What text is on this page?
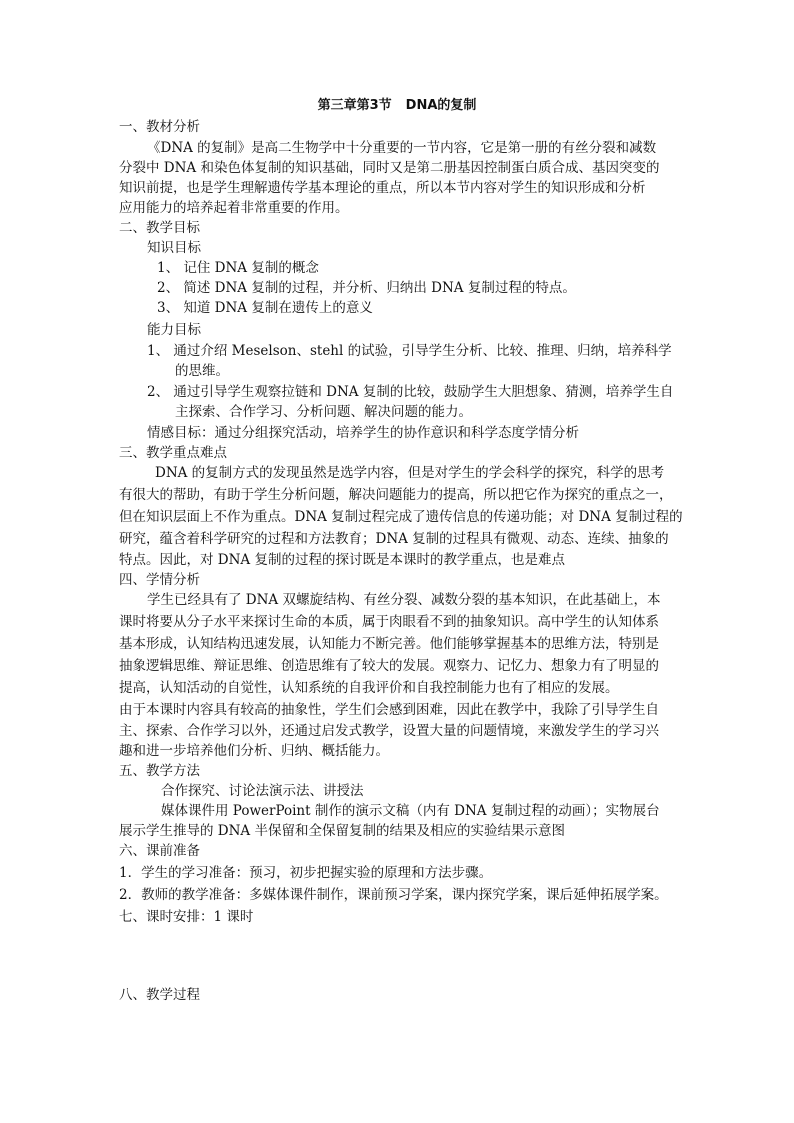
第三章第3节 DNA的复制
一、教材分析
《DNA 的复制》是高二生物学中十分重要的一节内容，它是第一册的有丝分裂和减数
分裂中 DNA 和染色体复制的知识基础，同时又是第二册基因控制蛋白质合成、基因突变的
知识前提，也是学生理解遗传学基本理论的重点，所以本节内容对学生的知识形成和分析
应用能力的培养起着非常重要的作用。
二、教学目标
知识目标
1、 记住 DNA 复制的概念
2、 简述 DNA 复制的过程，并分析、归纳出 DNA 复制过程的特点。
3、 知道 DNA 复制在遗传上的意义
能力目标
1、 通过介绍 Meselson、stehl 的试验，引导学生分析、比较、推理、归纳，培养科学
的思维。
2、 通过引导学生观察拉链和 DNA 复制的比较，鼓励学生大胆想象、猜测，培养学生自
主探索、合作学习、分析问题、解决问题的能力。
情感目标：通过分组探究活动，培养学生的协作意识和科学态度学情分析
三、教学重点难点
DNA 的复制方式的发现虽然是选学内容，但是对学生的学会科学的探究，科学的思考
有很大的帮助，有助于学生分析问题，解决问题能力的提高，所以把它作为探究的重点之一，
但在知识层面上不作为重点。DNA 复制过程完成了遗传信息的传递功能；对 DNA 复制过程的
研究，蕴含着科学研究的过程和方法教育；DNA 复制的过程具有微观、动态、连续、抽象的
特点。因此，对 DNA 复制的过程的探讨既是本课时的教学重点，也是难点
四、学情分析
学生已经具有了 DNA 双螺旋结构、有丝分裂、减数分裂的基本知识，在此基础上，本
课时将要从分子水平来探讨生命的本质，属于肉眼看不到的抽象知识。高中学生的认知体系
基本形成，认知结构迅速发展，认知能力不断完善。他们能够掌握基本的思维方法，特别是
抽象逻辑思维、辩证思维、创造思维有了较大的发展。观察力、记忆力、想象力有了明显的
提高，认知活动的自觉性，认知系统的自我评价和自我控制能力也有了相应的发展。
由于本课时内容具有较高的抽象性，学生们会感到困难，因此在教学中，我除了引导学生自
主、探索、合作学习以外，还通过启发式教学，设置大量的问题情境，来激发学生的学习兴
趣和进一步培养他们分析、归纳、概括能力。
五、教学方法
合作探究、讨论法演示法、讲授法
媒体课件用 PowerPoint 制作的演示文稿（内有 DNA 复制过程的动画）；实物展台
展示学生推导的 DNA 半保留和全保留复制的结果及相应的实验结果示意图
六、课前准备
1．学生的学习准备：预习，初步把握实验的原理和方法步骤。
2．教师的教学准备：多媒体课件制作，课前预习学案，课内探究学案，课后延伸拓展学案。
七、课时安排：1 课时
八、教学过程
